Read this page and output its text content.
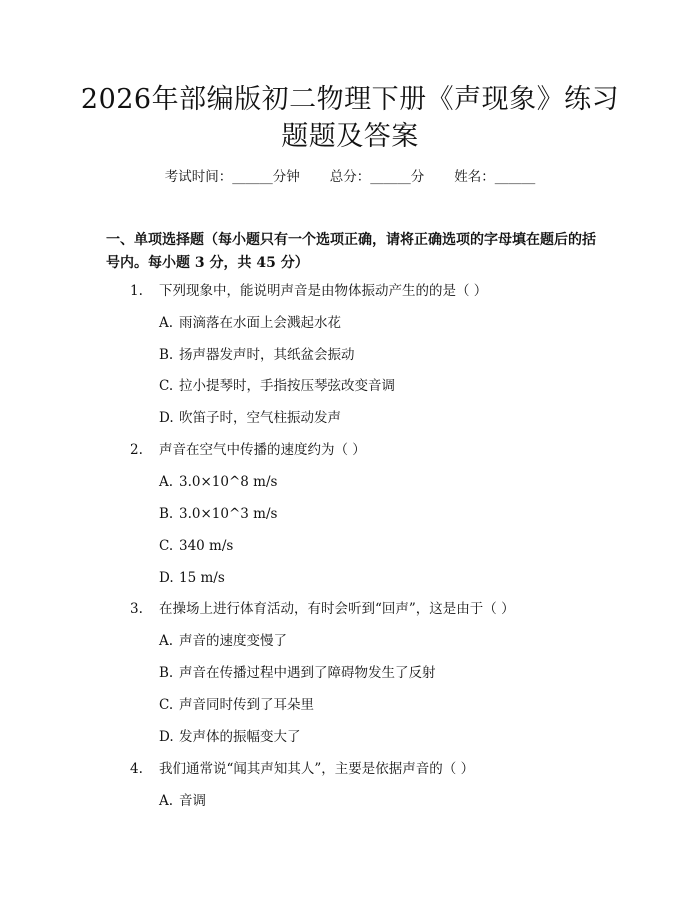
2026年部编版初二物理下册《声现象》练习
题题及答案
考试时间：______分钟 总分：______分 姓名：______
一、单项选择题（每小题只有一个选项正确，请将正确选项的字母填在题后的括
号内。每小题 3 分，共 45 分）
1.	下列现象中，能说明声音是由物体振动产生的的是（ ）
A. 雨滴落在水面上会溅起水花
B. 扬声器发声时，其纸盆会振动
C. 拉小提琴时，手指按压琴弦改变音调
D. 吹笛子时，空气柱振动发声
2.	声音在空气中传播的速度约为（ ）
A. 3.0×10^8 m/s
B. 3.0×10^3 m/s
C. 340 m/s
D. 15 m/s
3.	在操场上进行体育活动，有时会听到“回声”，这是由于（ ）
A. 声音的速度变慢了
B. 声音在传播过程中遇到了障碍物发生了反射
C. 声音同时传到了耳朵里
D. 发声体的振幅变大了
4.	我们通常说“闻其声知其人”，主要是依据声音的（ ）
A. 音调
